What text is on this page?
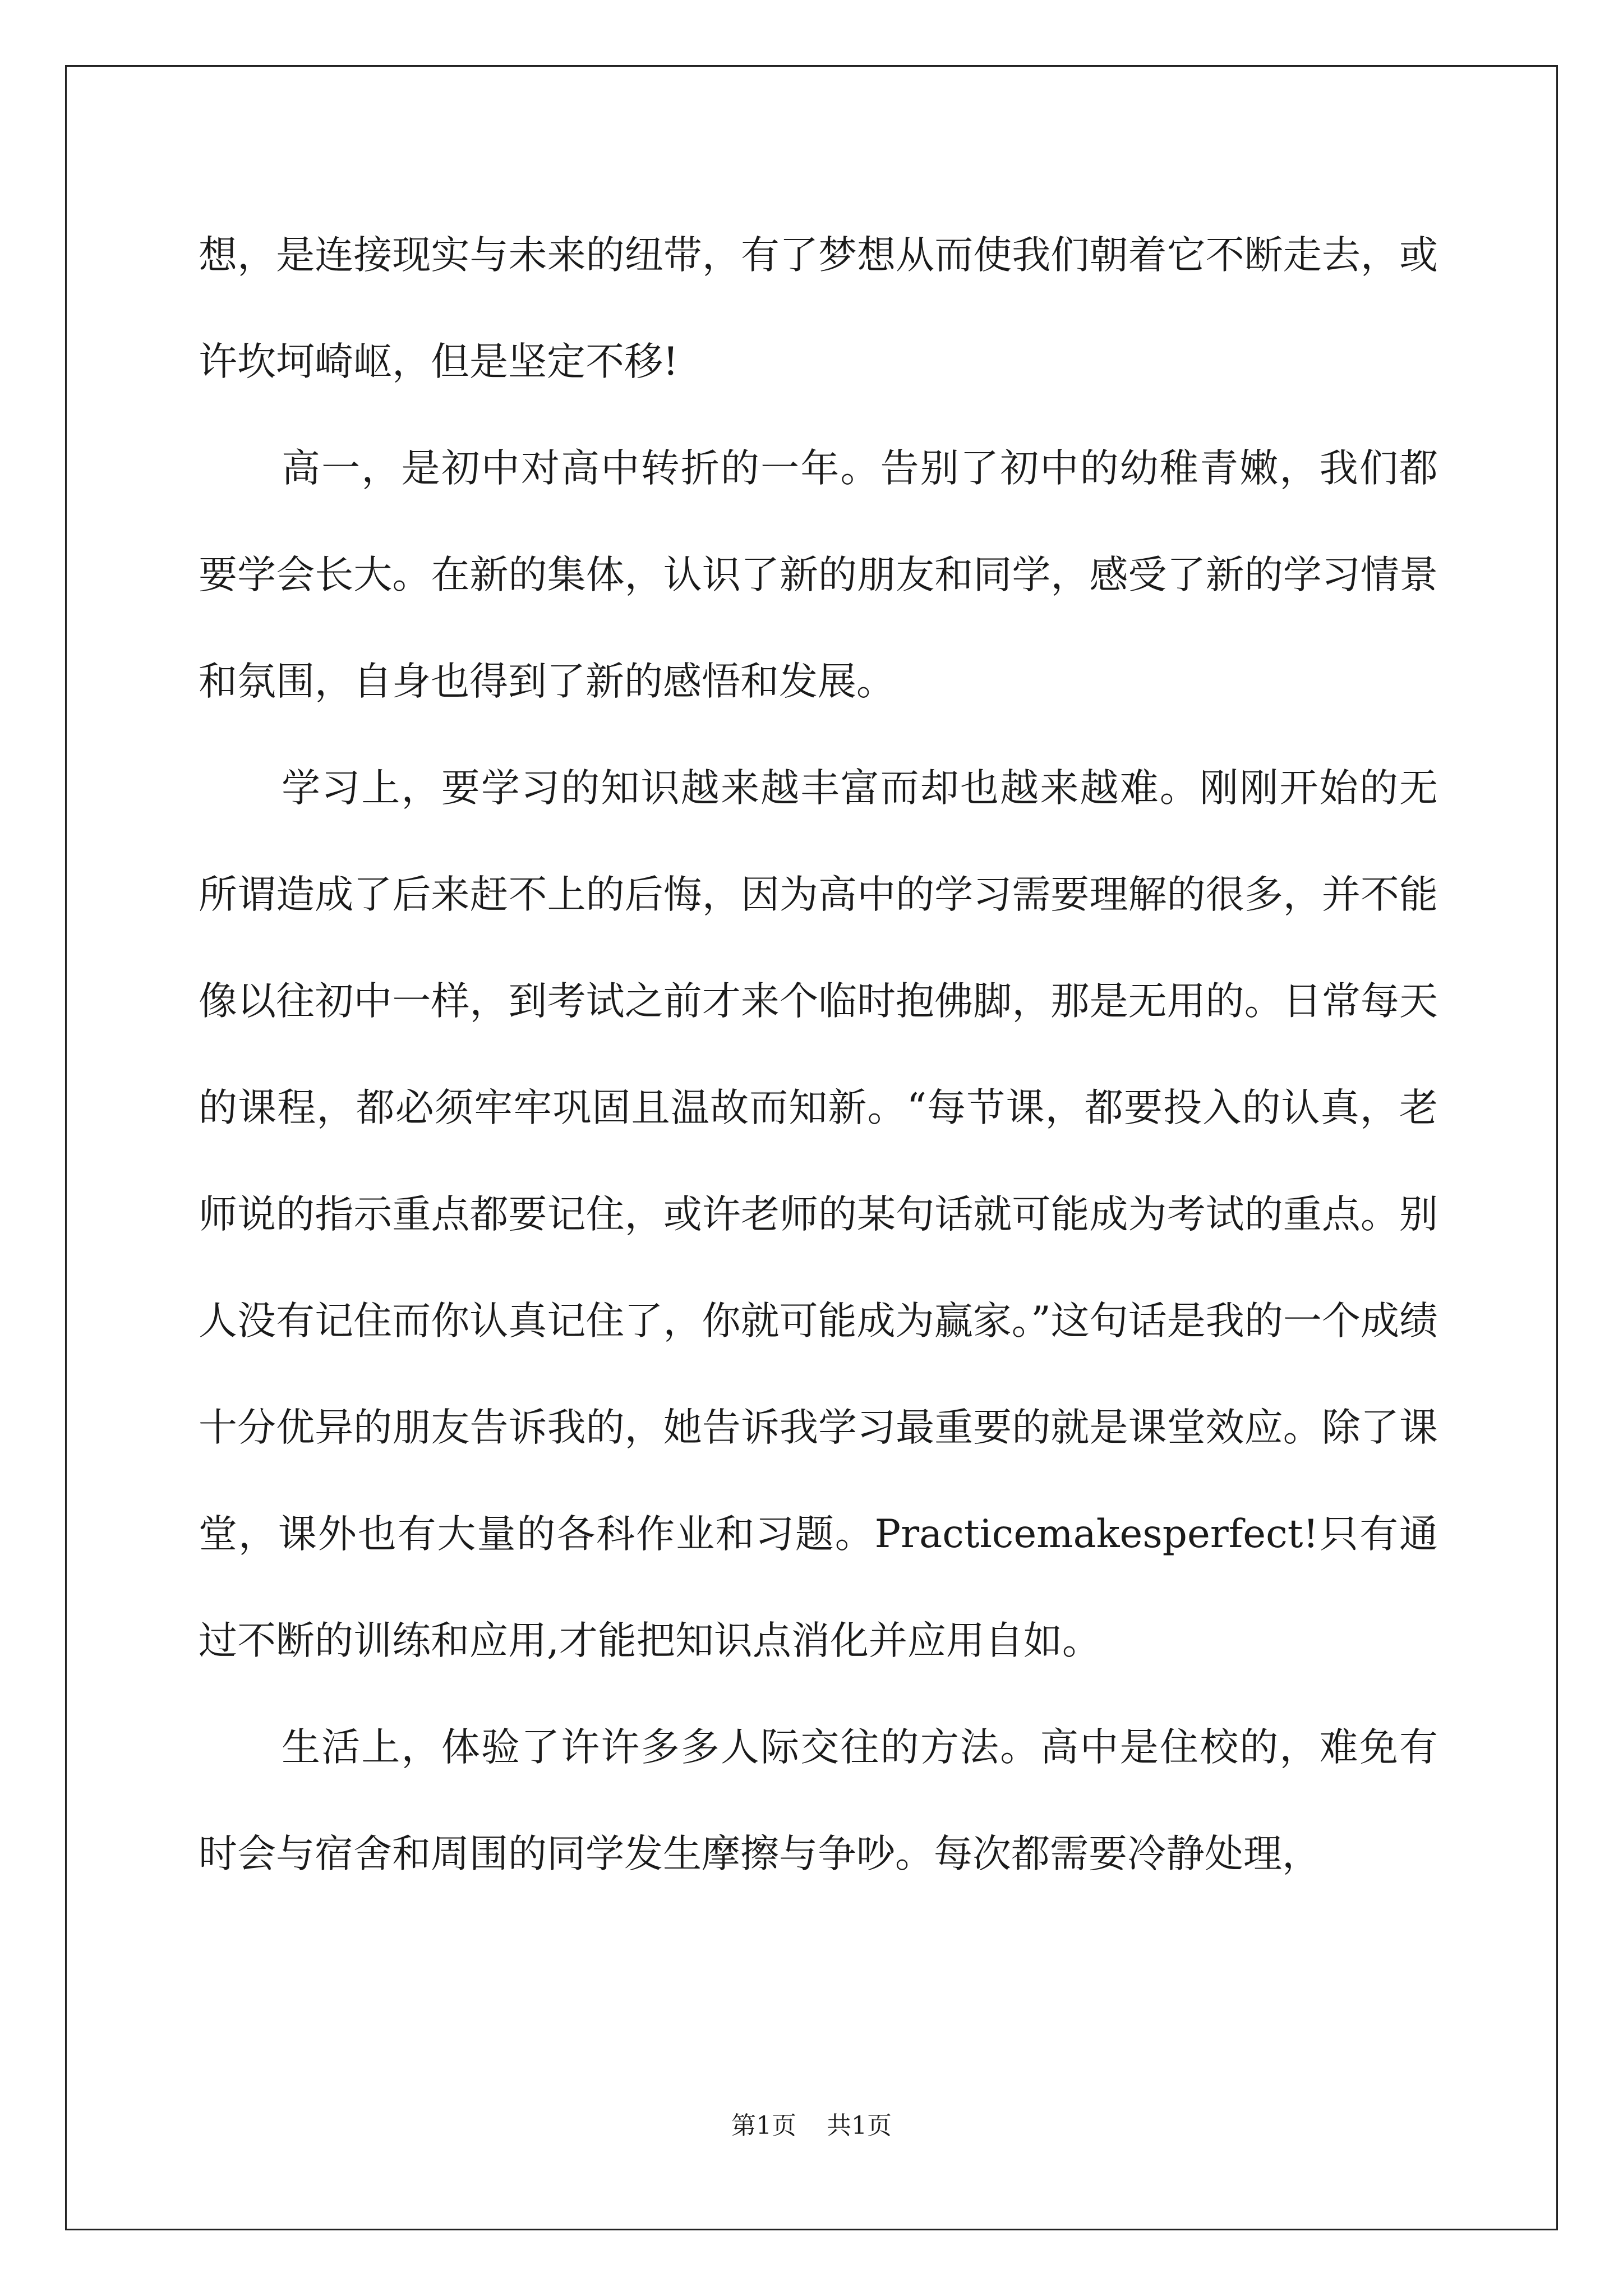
想，是连接现实与未来的纽带，有了梦想从而使我们朝着它不断走去，或许坎坷崎岖，但是坚定不移!

高一，是初中对高中转折的一年。告别了初中的幼稚青嫩，我们都要学会长大。在新的集体，认识了新的朋友和同学，感受了新的学习情景和氛围，自身也得到了新的感悟和发展。

学习上，要学习的知识越来越丰富而却也越来越难。刚刚开始的无所谓造成了后来赶不上的后悔，因为高中的学习需要理解的很多，并不能像以往初中一样，到考试之前才来个临时抱佛脚，那是无用的。日常每天的课程，都必须牢牢巩固且温故而知新。“每节课，都要投入的认真，老师说的指示重点都要记住，或许老师的某句话就可能成为考试的重点。别人没有记住而你认真记住了，你就可能成为赢家。”这句话是我的一个成绩十分优异的朋友告诉我的，她告诉我学习最重要的就是课堂效应。除了课堂，课外也有大量的各科作业和习题。Practicemakesperfect!只有通过不断的训练和应用,才能把知识点消化并应用自如。

生活上，体验了许许多多人际交往的方法。高中是住校的，难免有时会与宿舍和周围的同学发生摩擦与争吵。每次都需要冷静处理，

第1页 共1页
